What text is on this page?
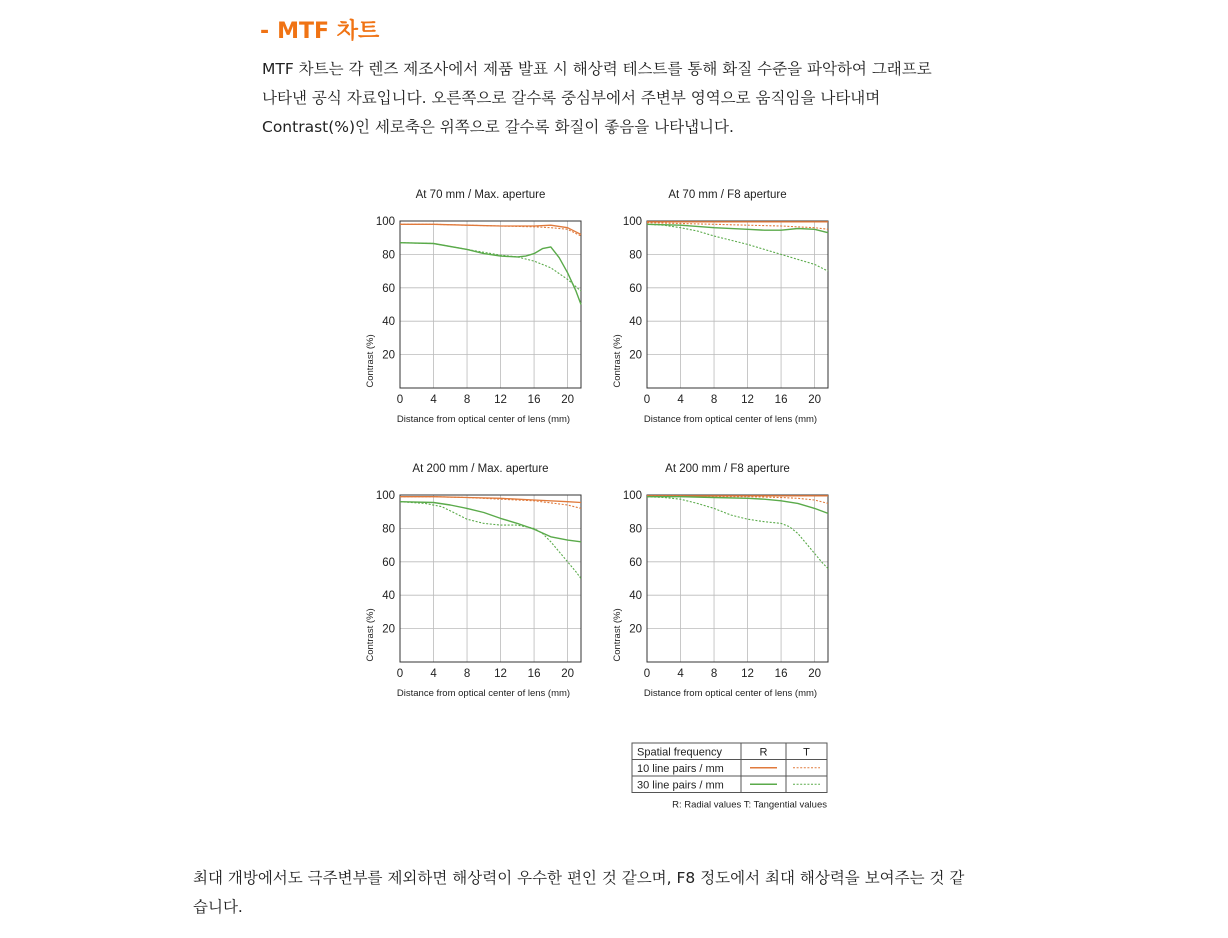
- MTF 차트

MTF 차트는 각 렌즈 제조사에서 제품 발표 시 해상력 테스트를 통해 화질 수준을 파악하여 그래프로
나타낸 공식 자료입니다. 오른쪽으로 갈수록 중심부에서 주변부 영역으로 움직임을 나타내며
Contrast(%)인 세로축은 위쪽으로 갈수록 화질이 좋음을 나타냅니다.

At 70 mm / Max. aperture
0 4 8 12 16 20
20
40
60
80
100
Distance from optical center of lens (mm)
Contrast (%)
At 70 mm / F8 aperture
0 4 8 12 16 20
20
40
60
80
100
Distance from optical center of lens (mm)
Contrast (%)
At 200 mm / Max. aperture
0 4 8 12 16 20
20
40
60
80
100
Distance from optical center of lens (mm)
Contrast (%)
At 200 mm / F8 aperture
0 4 8 12 16 20
20
40
60
80
100
Distance from optical center of lens (mm)
Contrast (%)
Spatial frequency	R	T
10 line pairs / mm
30 line pairs / mm
R: Radial values T: Tangential values

최대 개방에서도 극주변부를 제외하면 해상력이 우수한 편인 것 같으며, F8 정도에서 최대 해상력을 보여주는 것 같
습니다.
